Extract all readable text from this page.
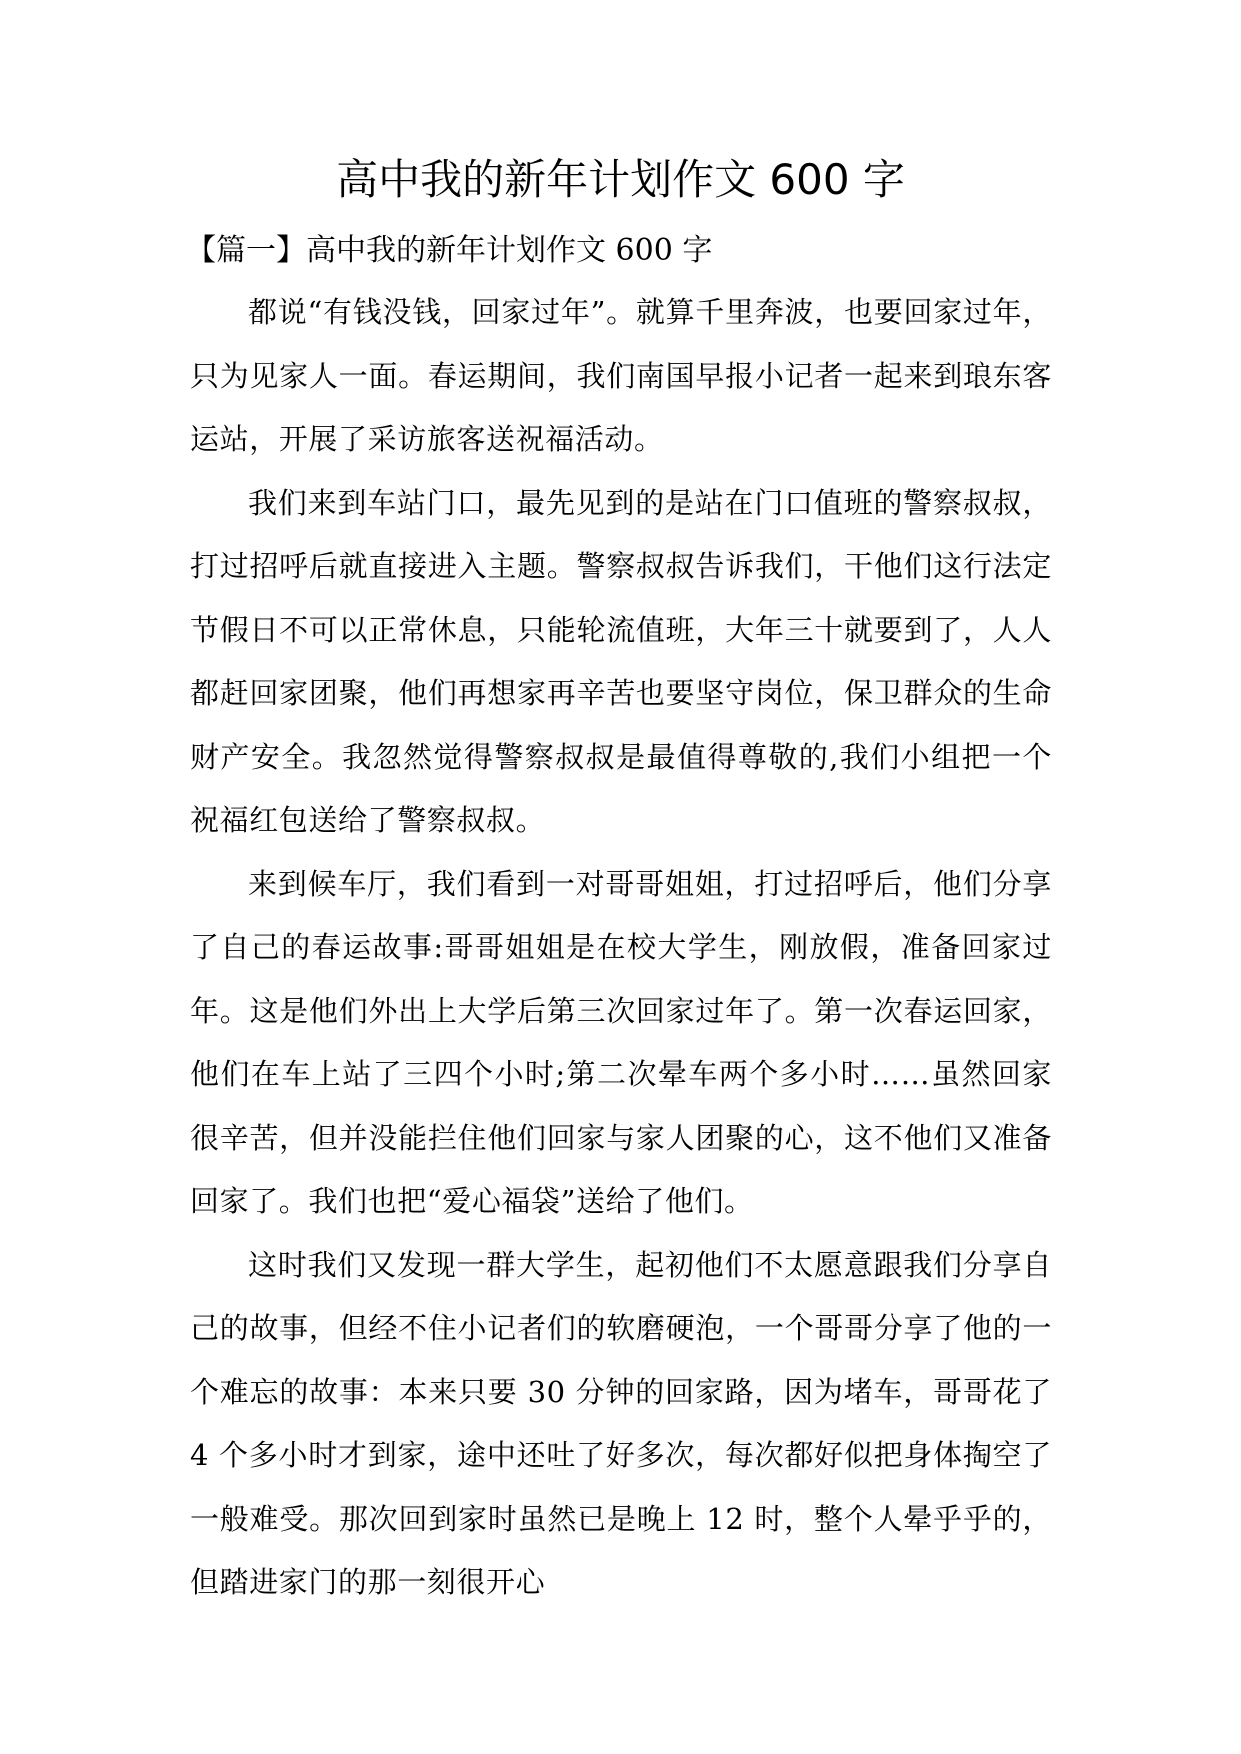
高中我的新年计划作文 600 字
【篇一】高中我的新年计划作文 600 字

都说“有钱没钱，回家过年”。就算千里奔波，也要回家过年，只为见家人一面。春运期间，我们南国早报小记者一起来到琅东客运站，开展了采访旅客送祝福活动。

我们来到车站门口，最先见到的是站在门口值班的警察叔叔，打过招呼后就直接进入主题。警察叔叔告诉我们，干他们这行法定节假日不可以正常休息，只能轮流值班，大年三十就要到了，人人都赶回家团聚，他们再想家再辛苦也要坚守岗位，保卫群众的生命财产安全。我忽然觉得警察叔叔是最值得尊敬的,我们小组把一个祝福红包送给了警察叔叔。

来到候车厅，我们看到一对哥哥姐姐，打过招呼后，他们分享了自己的春运故事:哥哥姐姐是在校大学生，刚放假，准备回家过年。这是他们外出上大学后第三次回家过年了。第一次春运回家，他们在车上站了三四个小时;第二次晕车两个多小时……虽然回家很辛苦，但并没能拦住他们回家与家人团聚的心，这不他们又准备回家了。我们也把“爱心福袋”送给了他们。

这时我们又发现一群大学生，起初他们不太愿意跟我们分享自己的故事，但经不住小记者们的软磨硬泡，一个哥哥分享了他的一个难忘的故事：本来只要 30 分钟的回家路，因为堵车，哥哥花了 4 个多小时才到家，途中还吐了好多次，每次都好似把身体掏空了一般难受。那次回到家时虽然已是晚上 12 时，整个人晕乎乎的，但踏进家门的那一刻很开心
